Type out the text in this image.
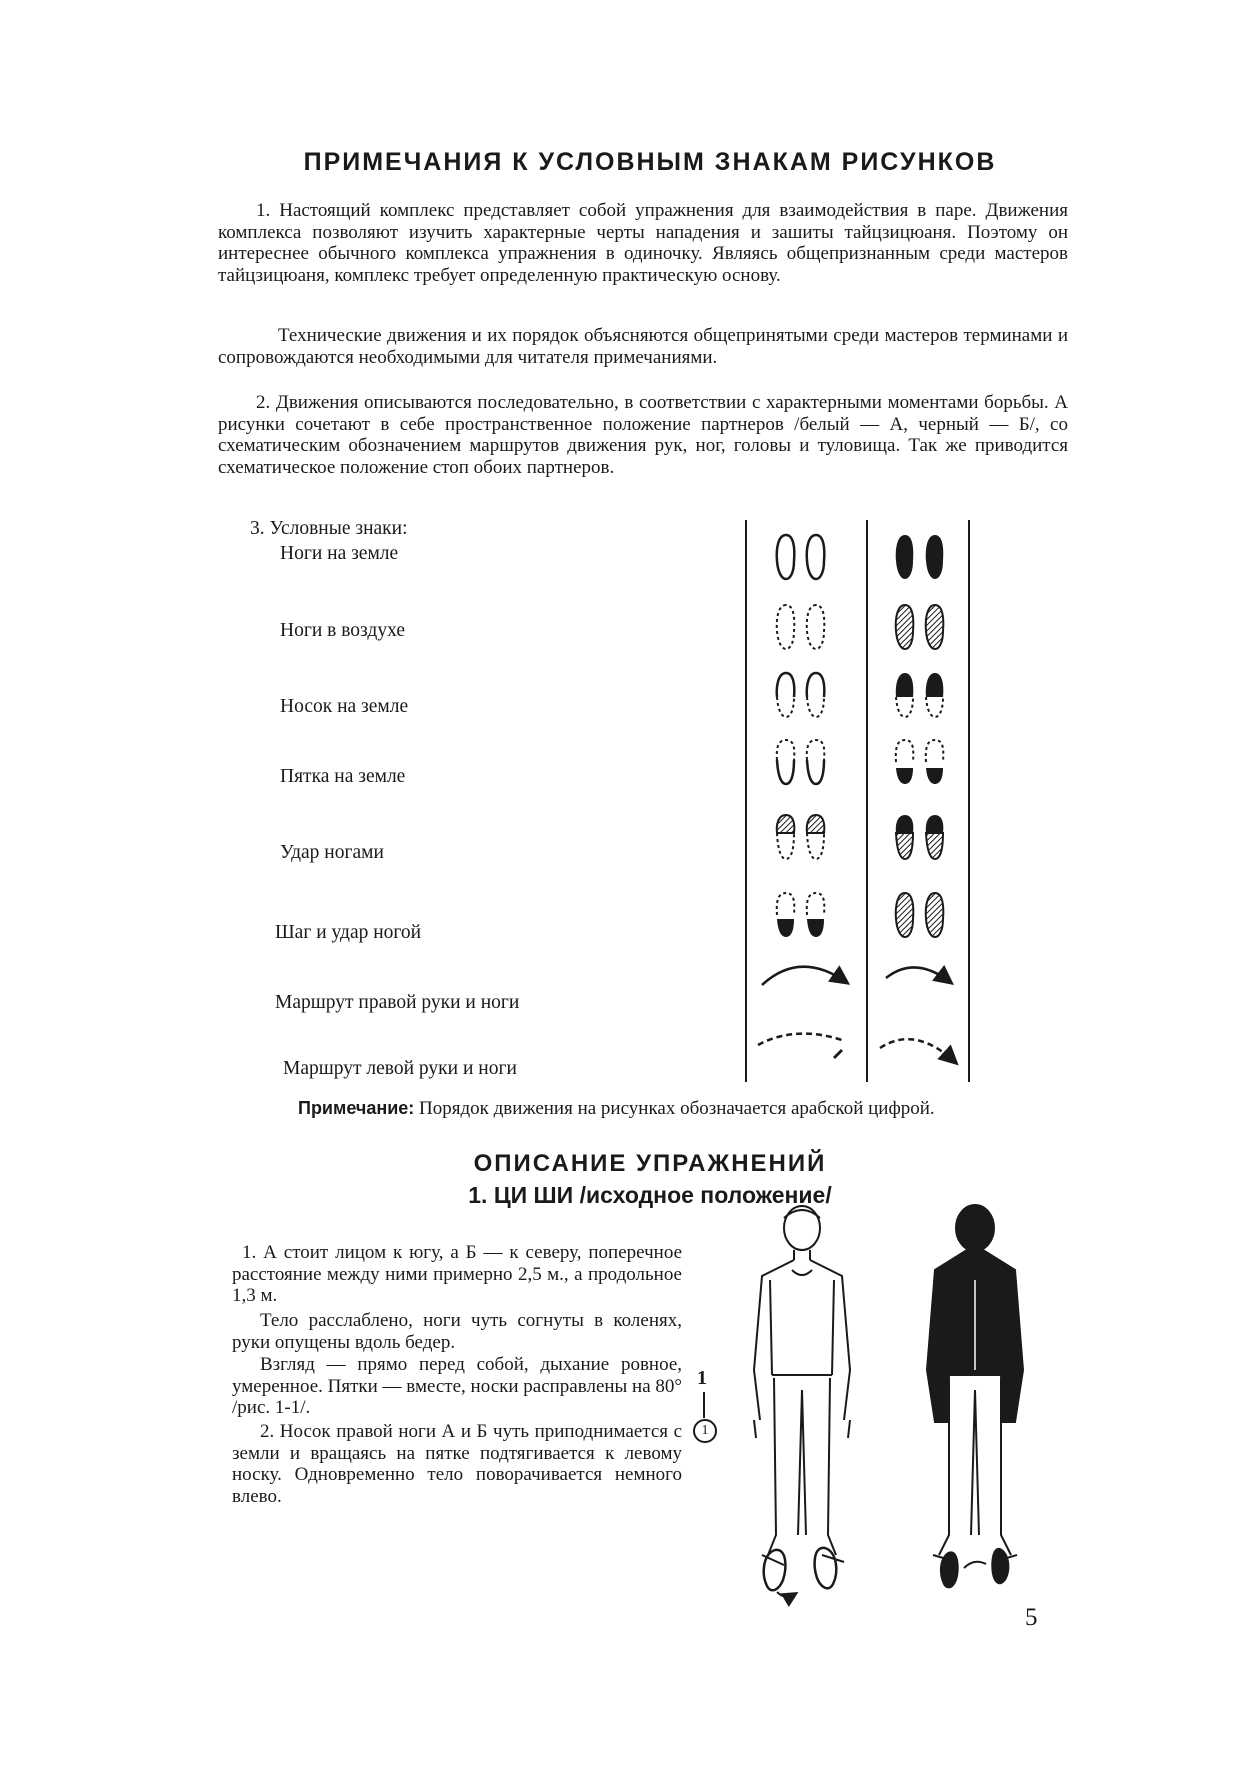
ПРИМЕЧАНИЯ К УСЛОВНЫМ ЗНАКАМ РИСУНКОВ
1. Настоящий комплекс представляет собой упражнения для взаимодействия в паре. Движения комплекса позволяют изучить характерные черты нападения и зашиты тайцзицюаня. Поэтому он интереснее обычного комплекса упражнения в одиночку. Являясь общепризнанным среди мастеров тайцзицюаня, комплекс требует определенную практическую основу.
Технические движения и их порядок объясняются общепринятыми среди мастеров терминами и сопровождаются необходимыми для читателя примечаниями.
2. Движения описываются последовательно, в соответствии с характерными моментами борьбы. А рисунки сочетают в себе пространственное положение партнеров /белый — А, черный — Б/, со схематическим обозначением маршрутов движения рук, ног, головы и туловища. Так же приводится схематическое положение стоп обоих партнеров.
3. Условные знаки:
Ноги на земле
Ноги в воздухе
Носок на земле
Пятка на земле
Удар ногами
Шаг и удар ногой
Маршрут правой руки и ноги
Маршрут левой руки и ноги
Примечание: Порядок движения на рисунках обозначается арабской цифрой.
ОПИСАНИЕ УПРАЖНЕНИЙ
1. ЦИ ШИ /исходное положение/
1. А стоит лицом к югу, а Б — к северу, поперечное расстояние между ними примерно 2,5 м., а продольное 1,3 м.
Тело расслаблено, ноги чуть согнуты в коленях, руки опущены вдоль бедер.
Взгляд — прямо перед собой, дыхание ровное, умеренное. Пятки — вместе, носки расправлены на 80° /рис. 1-1/.
2. Носок правой ноги А и Б чуть приподнимается с земли и вращаясь на пятке подтягивается к левому носку. Одновременно тело поворачивается немного влево.
1
1
5
